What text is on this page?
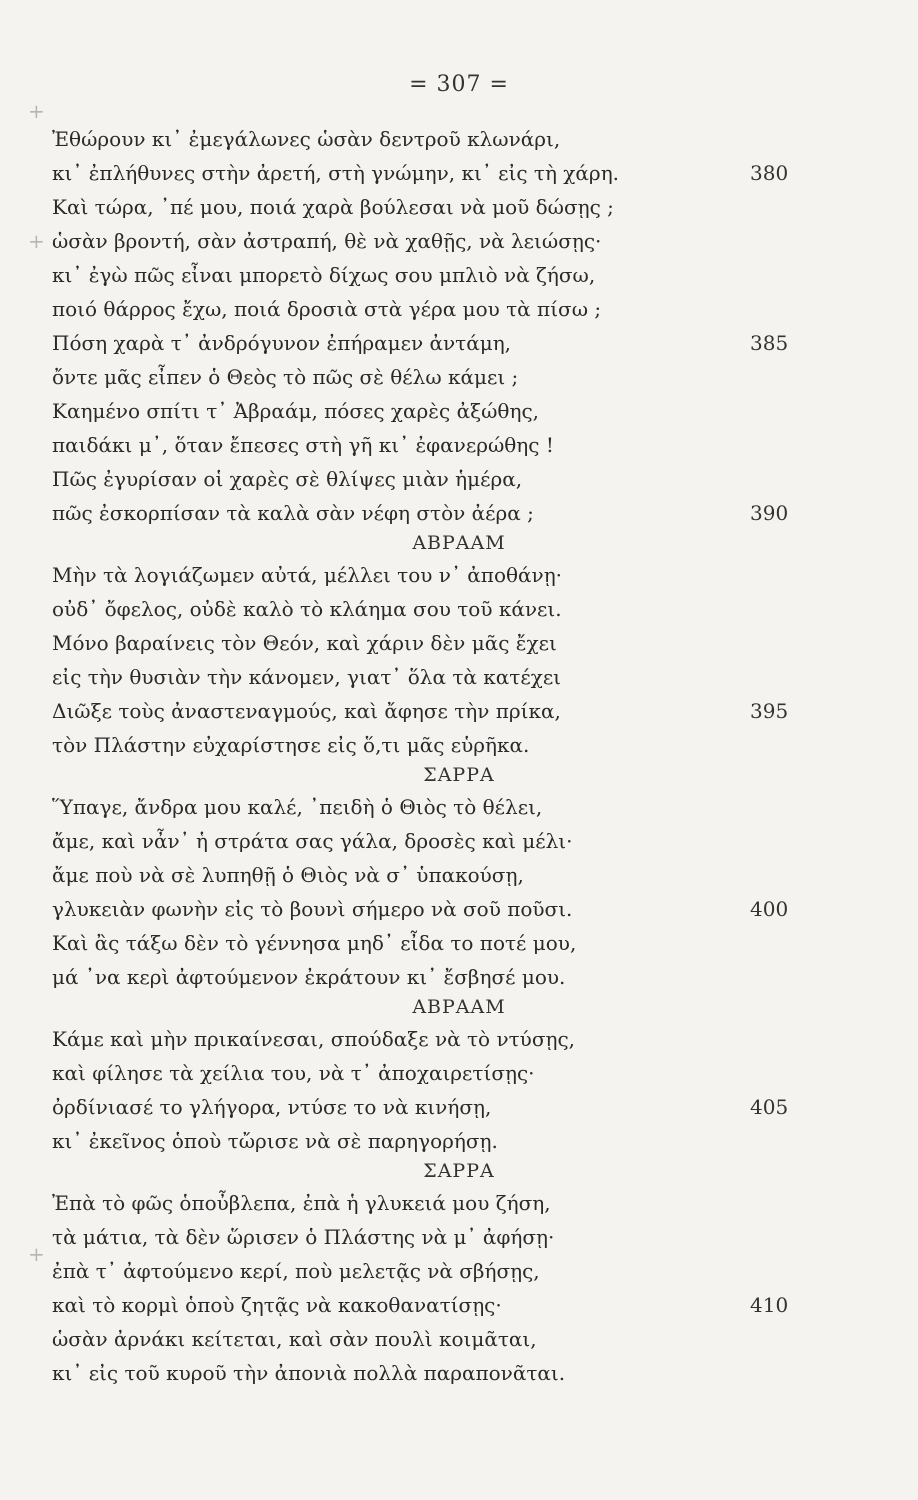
= 307 =
+
+
+
Ἐθώρουν κι᾽ ἐμεγάλωνες ὡσὰν δεντροῦ κλωνάρι,
κι᾽ ἐπλήθυνες στὴν ἀρετή, στὴ γνώμην, κι᾽ εἰς τὴ χάρη.	380
Καὶ τώρα, ᾽πέ μου, ποιά χαρὰ βούλεσαι νὰ μοῦ δώσῃς ;
ὡσὰν βροντή, σὰν ἀστραπή, θὲ νὰ χαθῇς, νὰ λειώσῃς·
κι᾽ ἐγὼ πῶς εἶναι μπορετὸ δίχως σου μπλιὸ νὰ ζήσω,
ποιό θάρρος ἔχω, ποιά δροσιὰ στὰ γέρα μου τὰ πίσω ;
Πόση χαρὰ τ᾽ ἀνδρόγυνον ἐπήραμεν ἀντάμη,	385
ὄντε μᾶς εἶπεν ὁ Θεὸς τὸ πῶς σὲ θέλω κάμει ;
Καημένο σπίτι τ᾽ Ἀβραάμ, πόσες χαρὲς ἀξώθης,
παιδάκι μ᾽, ὅταν ἔπεσες στὴ γῆ κι᾽ ἐφανερώθης !
Πῶς ἐγυρίσαν οἱ χαρὲς σὲ θλίψες μιὰν ἡμέρα,
πῶς ἐσκορπίσαν τὰ καλὰ σὰν νέφη στὸν ἀέρα ;	390
ΑΒΡΑΑΜ
Μὴν τὰ λογιάζωμεν αὐτά, μέλλει του ν᾽ ἀποθάνῃ·
οὐδ᾽ ὄφελος, οὐδὲ καλὸ τὸ κλάημα σου τοῦ κάνει.
Μόνο βαραίνεις τὸν Θεόν, καὶ χάριν δὲν μᾶς ἔχει
εἰς τὴν θυσιὰν τὴν κάνομεν, γιατ᾽ ὅλα τὰ κατέχει
Διῶξε τοὺς ἀναστεναγμούς, καὶ ἄφησε τὴν πρίκα,	395
τὸν Πλάστην εὐχαρίστησε εἰς ὅ,τι μᾶς εὑρῆκα.
ΣΑΡΡΑ
Ὕπαγε, ἄνδρα μου καλέ, ᾽πειδὴ ὁ Θιὸς τὸ θέλει,
ἄμε, καὶ νἆν᾽ ἡ στράτα σας γάλα, δροσὲς καὶ μέλι·
ἄμε ποὺ νὰ σὲ λυπηθῇ ὁ Θιὸς νὰ σ᾽ ὑπακούσῃ,
γλυκειὰν φωνὴν εἰς τὸ βουνὶ σήμερο νὰ σοῦ ποῦσι.	400
Καὶ ἂς τάξω δὲν τὸ γέννησα μηδ᾽ εἶδα το ποτέ μου,
μά ᾽να κερὶ ἀφτούμενον ἐκράτουν κι᾽ ἔσβησέ μου.
ΑΒΡΑΑΜ
Κάμε καὶ μὴν πρικαίνεσαι, σπούδαξε νὰ τὸ ντύσῃς,
καὶ φίλησε τὰ χείλια του, νὰ τ᾽ ἀποχαιρετίσῃς·
ὀρδίνιασέ το γλήγορα, ντύσε το νὰ κινήσῃ,	405
κι᾽ ἐκεῖνος ὁποὺ τὤρισε νὰ σὲ παρηγορήσῃ.
ΣΑΡΡΑ
Ἐπὰ τὸ φῶς ὁποὖβλεπα, ἐπὰ ἡ γλυκειά μου ζήση,
τὰ μάτια, τὰ δὲν ὥρισεν ὁ Πλάστης νὰ μ᾽ ἀφήσῃ·
ἐπὰ τ᾽ ἀφτούμενο κερί, ποὺ μελετᾷς νὰ σβήσῃς,
καὶ τὸ κορμὶ ὁποὺ ζητᾷς νὰ κακοθανατίσῃς·	410
ὡσὰν ἀρνάκι κείτεται, καὶ σὰν πουλὶ κοιμᾶται,
κι᾽ εἰς τοῦ κυροῦ τὴν ἀπονιὰ πολλὰ παραπονᾶται.
